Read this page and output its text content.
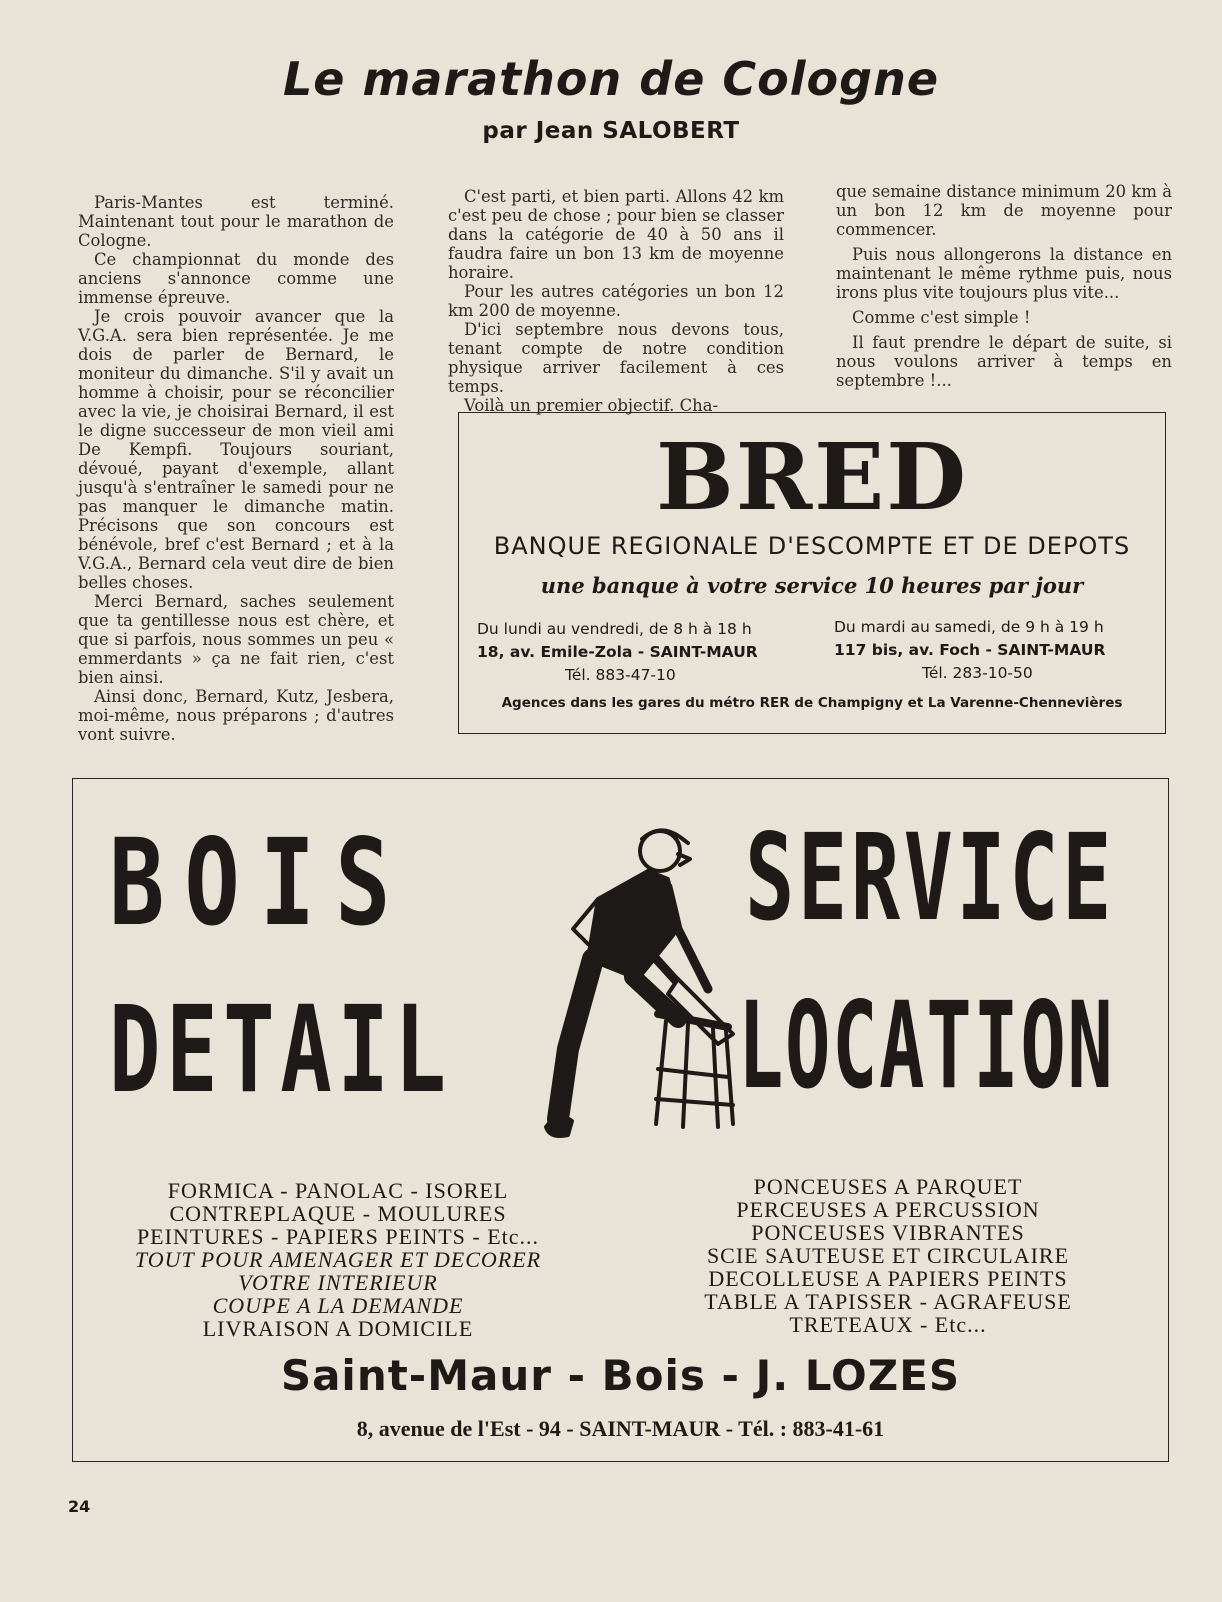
Le marathon de Cologne
par Jean SALOBERT

Paris-Mantes est terminé. Maintenant tout pour le marathon de Cologne.

Ce championnat du monde des anciens s'annonce comme une immense épreuve.

Je crois pouvoir avancer que la V.G.A. sera bien représentée. Je me dois de parler de Bernard, le moniteur du dimanche. S'il y avait un homme à choisir, pour se réconcilier avec la vie, je choisirai Bernard, il est le digne successeur de mon vieil ami De Kempfi. Toujours souriant, dévoué, payant d'exemple, allant jusqu'à s'entraîner le samedi pour ne pas manquer le dimanche matin. Précisons que son concours est bénévole, bref c'est Bernard ; et à la V.G.A., Bernard cela veut dire de bien belles choses.

Merci Bernard, saches seulement que ta gentillesse nous est chère, et que si parfois, nous sommes un peu « emmerdants » ça ne fait rien, c'est bien ainsi.

Ainsi donc, Bernard, Kutz, Jesbera, moi-même, nous préparons ; d'autres vont suivre.

C'est parti, et bien parti. Allons 42 km c'est peu de chose ; pour bien se classer dans la catégorie de 40 à 50 ans il faudra faire un bon 13 km de moyenne horaire.

Pour les autres catégories un bon 12 km 200 de moyenne.

D'ici septembre nous devons tous, tenant compte de notre condition physique arriver facilement à ces temps.

Voilà un premier objectif. Cha-

que semaine distance minimum 20 km à un bon 12 km de moyenne pour commencer.

Puis nous allongerons la distance en maintenant le même rythme puis, nous irons plus vite toujours plus vite...

Comme c'est simple !

Il faut prendre le départ de suite, si nous voulons arriver à temps en septembre !...

BRED
BANQUE REGIONALE D'ESCOMPTE ET DE DEPOTS
une banque à votre service 10 heures par jour
Du lundi au vendredi, de 8 h à 18 h
18, av. Emile-Zola - SAINT-MAUR
Tél. 883-47-10
Du mardi au samedi, de 9 h à 19 h
117 bis, av. Foch - SAINT-MAUR
Tél. 283-10-50
Agences dans les gares du métro RER de Champigny et La Varenne-Chennevières
BOIS
DETAIL
SERVICE
LOCATION
FORMICA - PANOLAC - ISOREL
CONTREPLAQUE - MOULURES
PEINTURES - PAPIERS PEINTS - Etc...
TOUT POUR AMENAGER ET DECORER
VOTRE INTERIEUR
COUPE A LA DEMANDE
LIVRAISON A DOMICILE
PONCEUSES A PARQUET
PERCEUSES A PERCUSSION
PONCEUSES VIBRANTES
SCIE SAUTEUSE ET CIRCULAIRE
DECOLLEUSE A PAPIERS PEINTS
TABLE A TAPISSER - AGRAFEUSE
TRETEAUX - Etc...
Saint-Maur - Bois - J. LOZES
8, avenue de l'Est - 94 - SAINT-MAUR - Tél. : 883-41-61
24
